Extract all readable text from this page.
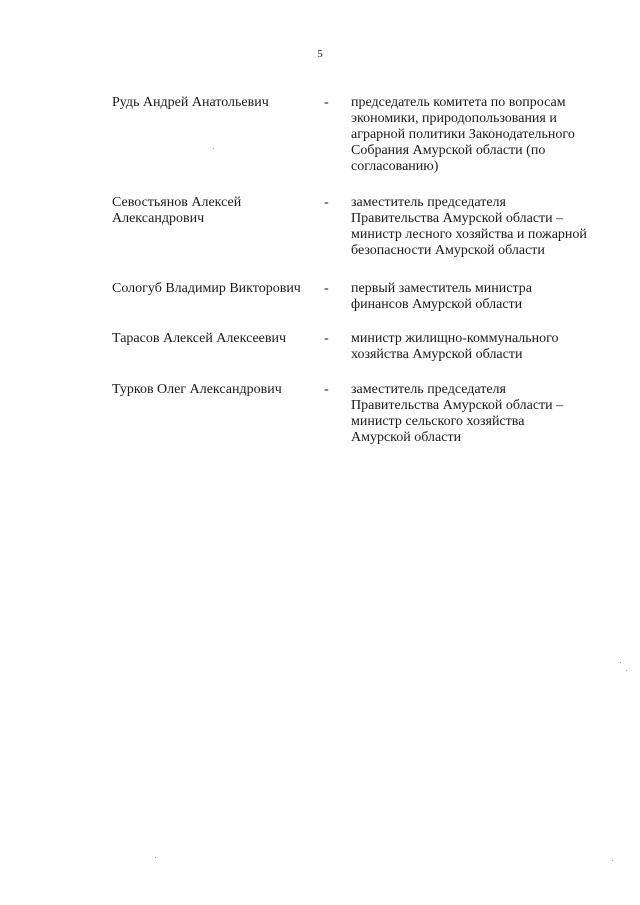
5
Рудь Андрей Анатольевич	-	председатель комитета по вопросам
экономики, природопользования и
аграрной политики Законодательного
Собрания Амурской области (по
согласованию)
Севостьянов Алексей
Александрович
-	заместитель председателя
Правительства Амурской области –
министр лесного хозяйства и пожарной
безопасности Амурской области
Сологуб Владимир Викторович	-	первый заместитель министра
финансов Амурской области
Тарасов Алексей Алексеевич	-	министр жилищно-коммунального
хозяйства Амурской области
Турков Олег Александрович	-	заместитель председателя
Правительства Амурской области –
министр сельского хозяйства
Амурской области
